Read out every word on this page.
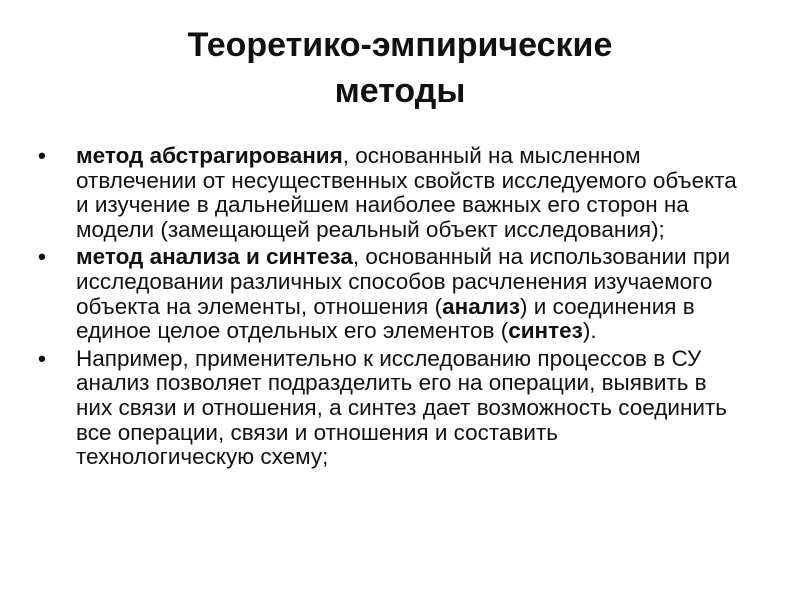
Теоретико-эмпирические
методы
•	метод абстрагирования, основанный на мысленном отвлечении от несущественных свойств исследуемого объекта и изучение в дальнейшем наиболее важных его сторон на модели (замещающей реальный объект исследования);
•	метод анализа и синтеза, основанный на использовании при исследовании различных способов расчленения изучаемого объекта на элементы, отношения (анализ) и соединения в единое целое отдельных его элементов (синтез).
•	Например, применительно к исследованию процессов в СУ анализ позволяет подразделить его на операции, выявить в них связи и отношения, а синтез дает возможность соединить все операции, связи и отношения и составить технологическую схему;
